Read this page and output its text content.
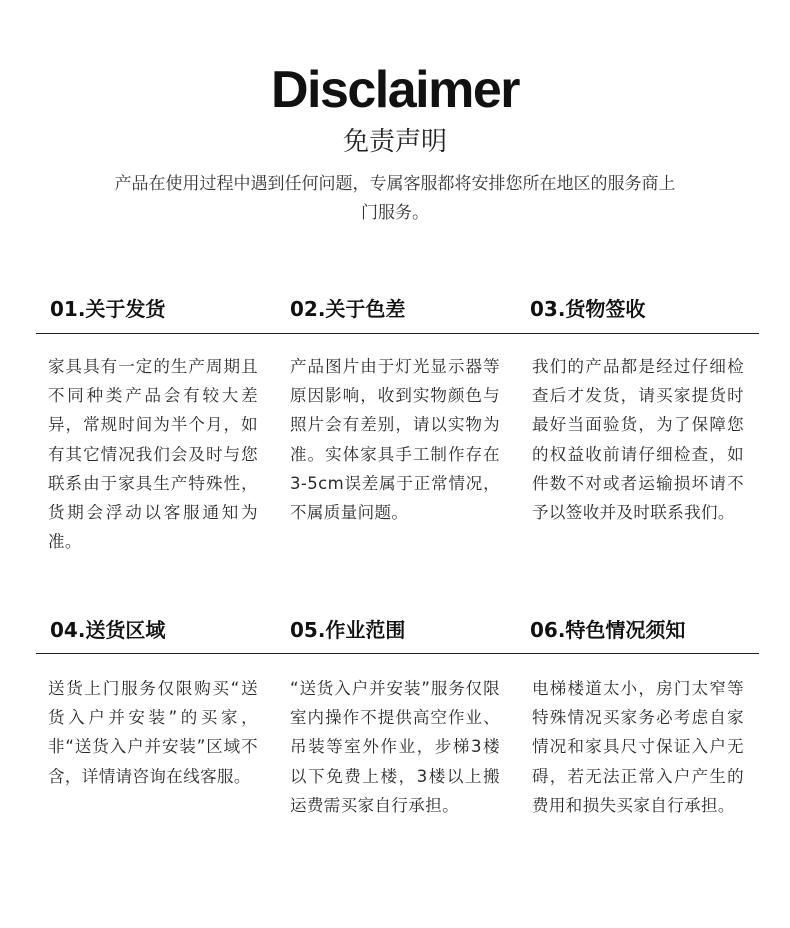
Disclaimer
免责声明
产品在使用过程中遇到任何问题，专属客服都将安排您所在地区的服务商上门服务。
01.关于发货	02.关于色差	03.货物签收
家具具有一定的生产周期且不同种类产品会有较大差异，常规时间为半个月，如有其它情况我们会及时与您联系由于家具生产特殊性，货期会浮动以客服通知为准。
产品图片由于灯光显示器等原因影响，收到实物颜色与照片会有差别，请以实物为准。实体家具手工制作存在3-5cm误差属于正常情况，不属质量问题。
我们的产品都是经过仔细检查后才发货，请买家提货时最好当面验货，为了保障您的权益收前请仔细检查，如件数不对或者运输损坏请不予以签收并及时联系我们。
04.送货区域	05.作业范围	06.特色情况须知
送货上门服务仅限购买“送货入户并安装”的买家，非“送货入户并安装”区域不含，详情请咨询在线客服。
“送货入户并安装”服务仅限室内操作不提供高空作业、吊装等室外作业，步梯3楼以下免费上楼，3楼以上搬运费需买家自行承担。
电梯楼道太小，房门太窄等特殊情况买家务必考虑自家情况和家具尺寸保证入户无碍，若无法正常入户产生的费用和损失买家自行承担。
